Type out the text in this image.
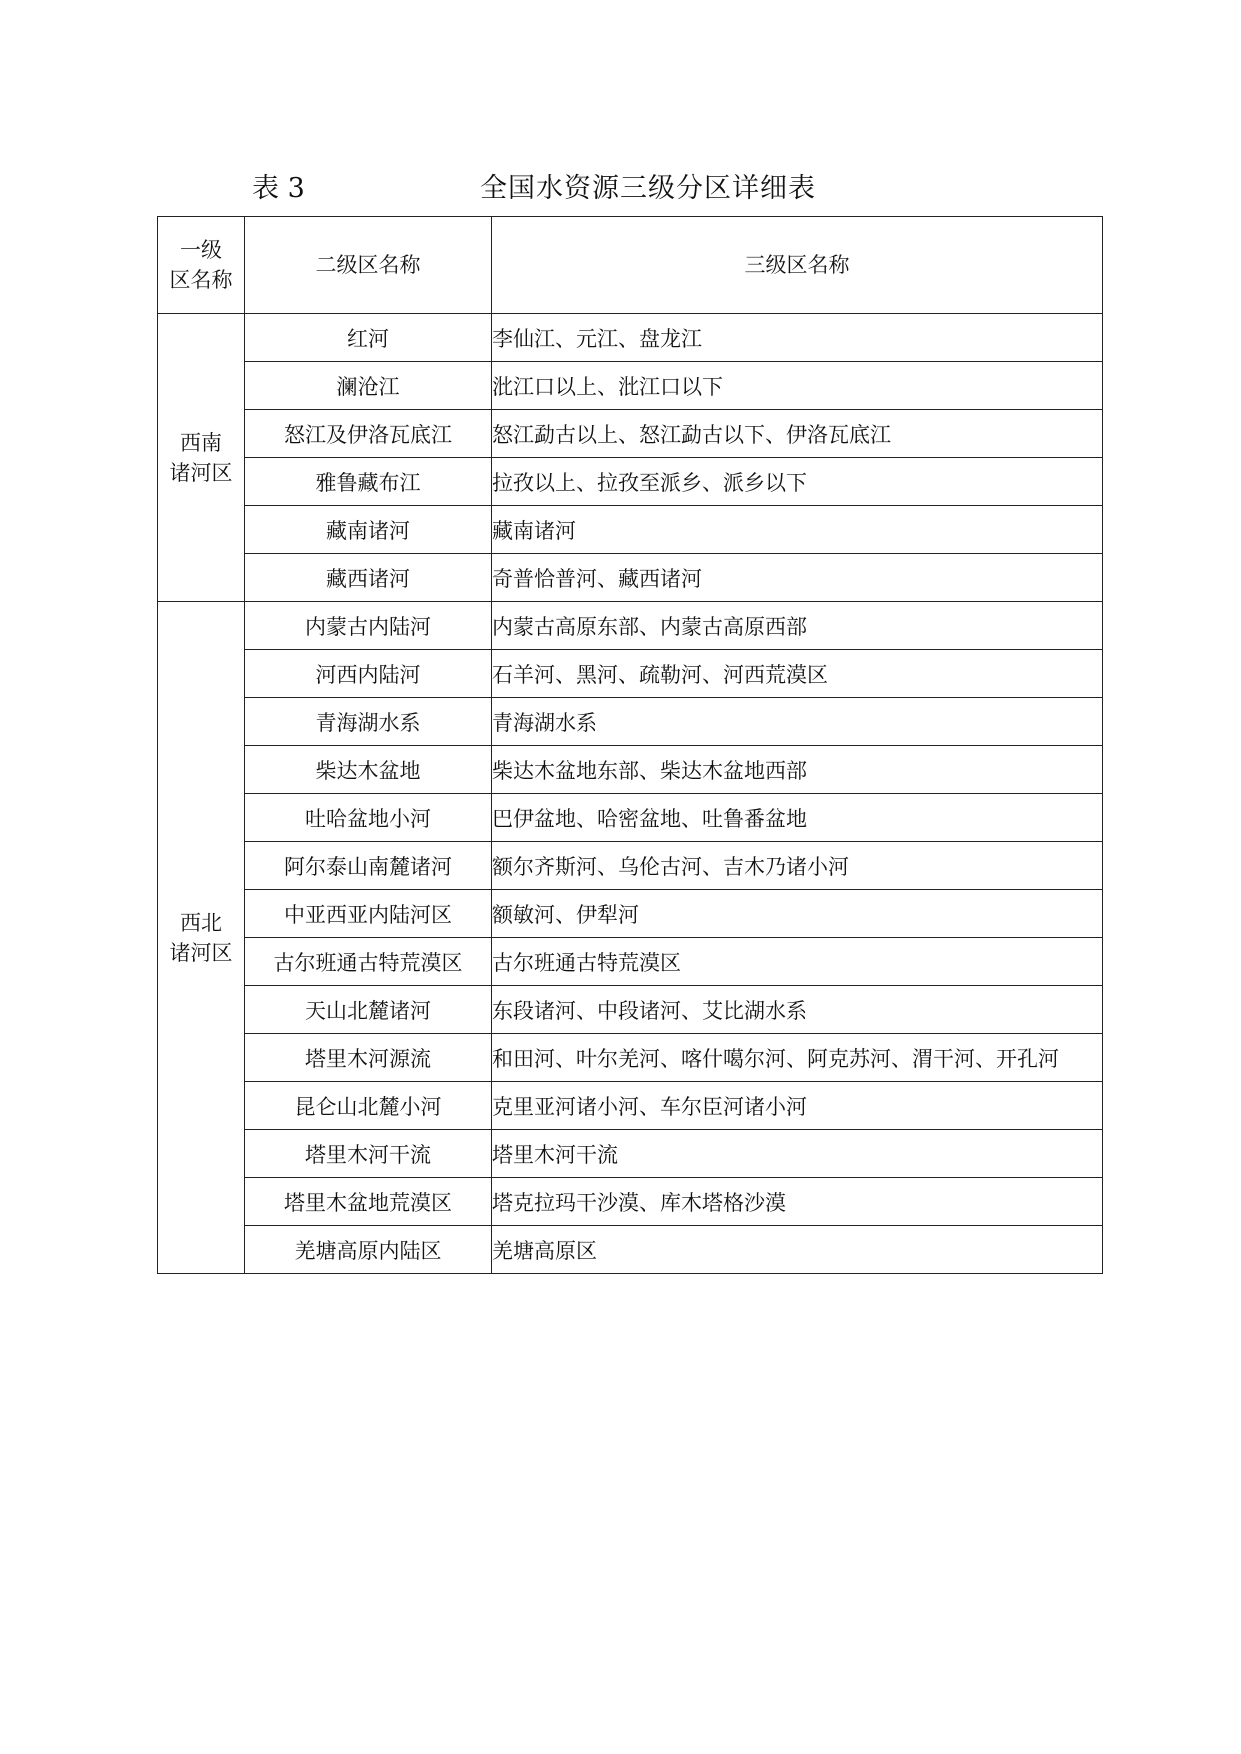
表 3	全国水资源三级分区详细表
一级
区名称	二级区名称	三级区名称
西南
诸河区	红河	李仙江、元江、盘龙江
	澜沧江	沘江口以上、沘江口以下
	怒江及伊洛瓦底江	怒江勐古以上、怒江勐古以下、伊洛瓦底江
	雅鲁藏布江	拉孜以上、拉孜至派乡、派乡以下
	藏南诸河	藏南诸河
	藏西诸河	奇普恰普河、藏西诸河
西北
诸河区	内蒙古内陆河	内蒙古高原东部、内蒙古高原西部
	河西内陆河	石羊河、黑河、疏勒河、河西荒漠区
	青海湖水系	青海湖水系
	柴达木盆地	柴达木盆地东部、柴达木盆地西部
	吐哈盆地小河	巴伊盆地、哈密盆地、吐鲁番盆地
	阿尔泰山南麓诸河	额尔齐斯河、乌伦古河、吉木乃诸小河
	中亚西亚内陆河区	额敏河、伊犁河
	古尔班通古特荒漠区	古尔班通古特荒漠区
	天山北麓诸河	东段诸河、中段诸河、艾比湖水系
	塔里木河源流	和田河、叶尔羌河、喀什噶尔河、阿克苏河、渭干河、开孔河
	昆仑山北麓小河	克里亚河诸小河、车尔臣河诸小河
	塔里木河干流	塔里木河干流
	塔里木盆地荒漠区	塔克拉玛干沙漠、库木塔格沙漠
	羌塘高原内陆区	羌塘高原区
